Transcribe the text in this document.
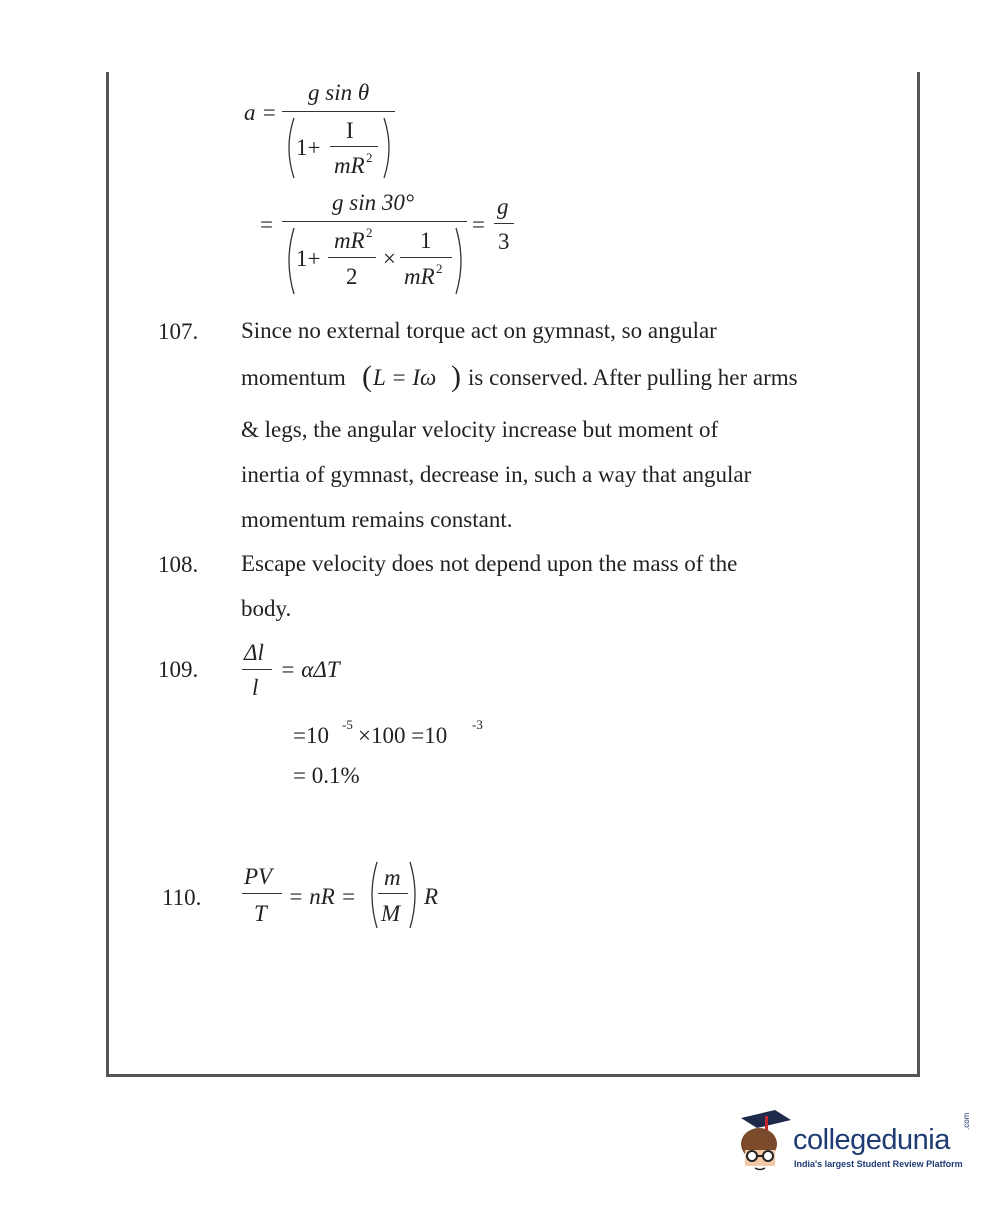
a =
g sin θ
1+
I
mR 2
=
g sin 30°
1+
mR 2
2
×
1
mR 2
=
g
3
107. Since no external torque act on gymnast, so angular
momentum ( L = Iω ) is conserved. After pulling her arms
& legs, the angular velocity increase but moment of
inertia of gymnast, decrease in, such a way that angular
momentum remains constant.
108. Escape velocity does not depend upon the mass of the
body.
109.
Δl
l
= αΔT
=10 -5 ×100 =10 -3
= 0.1%
110.
PV
T
= nR =
m
M
R
collegedunia
.com
India's largest Student Review Platform
